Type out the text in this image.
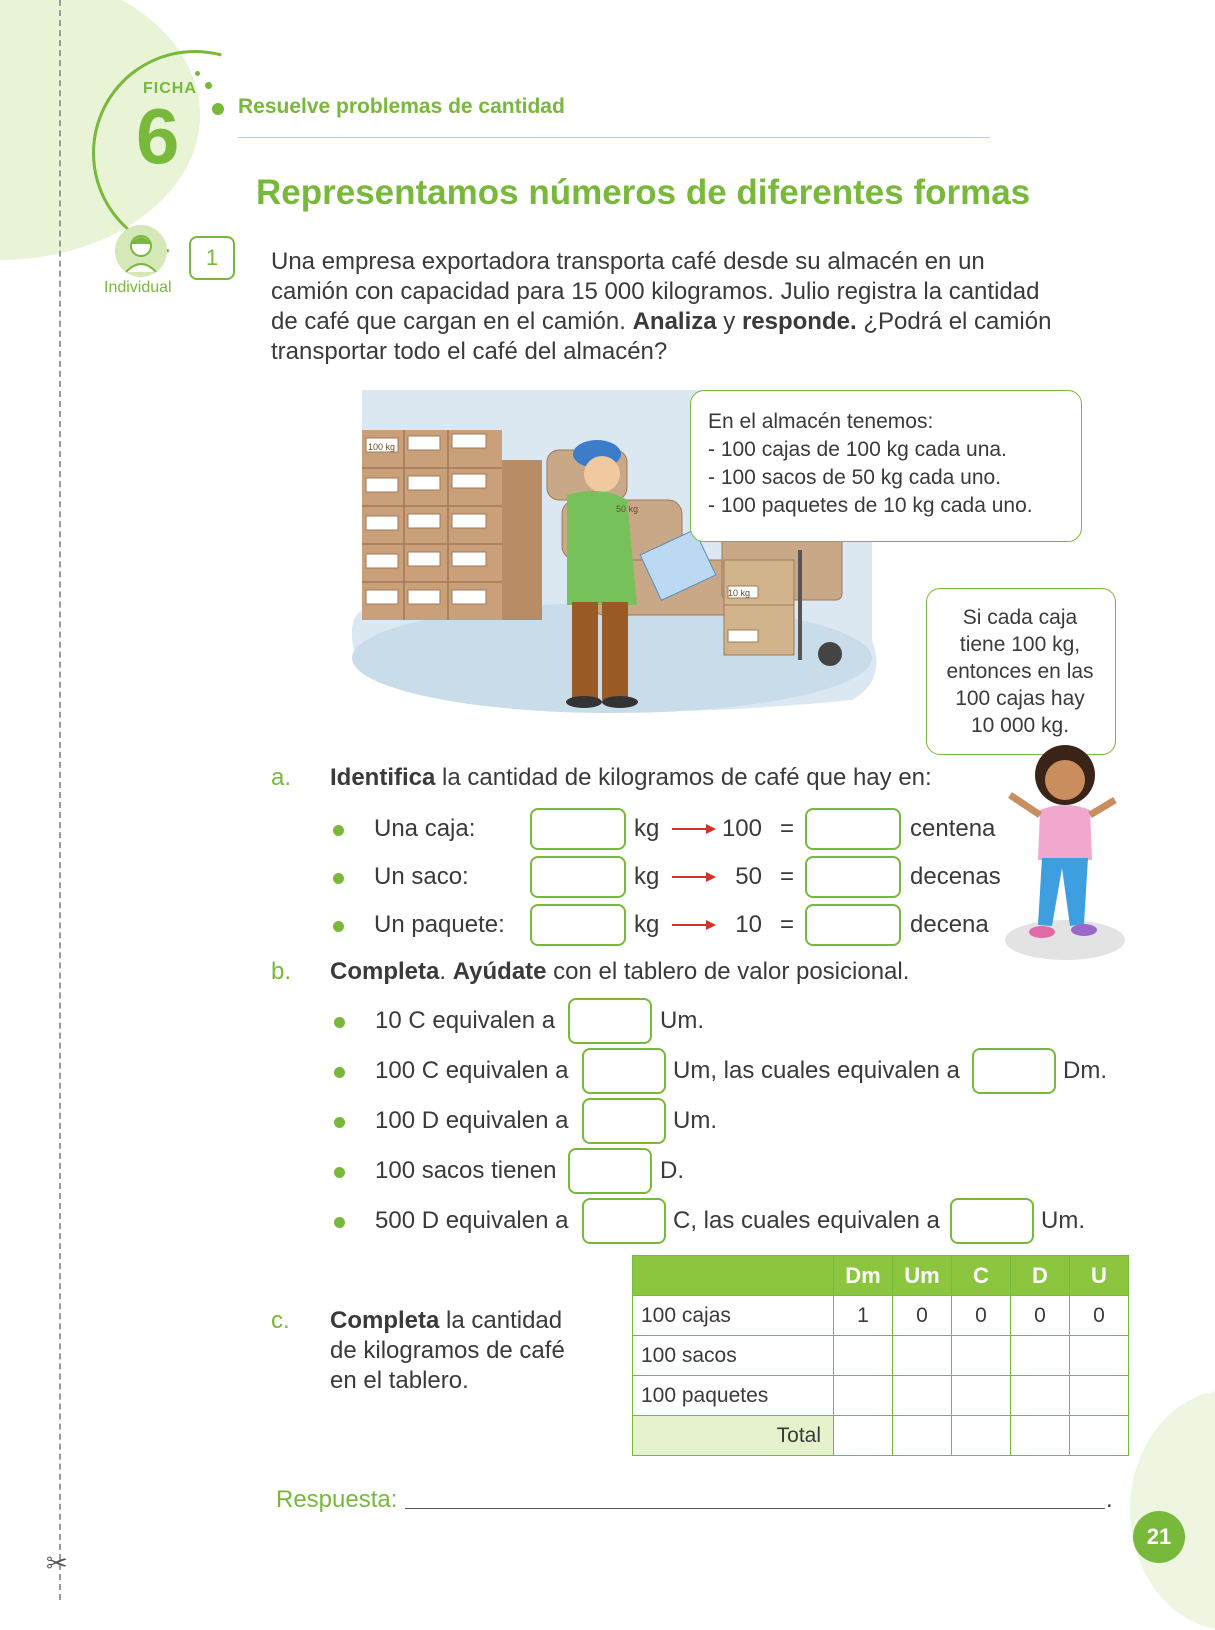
FICHA
6	Resuelve problemas de cantidad
Representamos números de diferentes formas
Individual
1	Una empresa exportadora transporta café desde su almacén en un
camión con capacidad para 15 000 kilogramos. Julio registra la cantidad
de café que cargan en el camión. Analiza y responde. ¿Podrá el camión
transportar todo el café del almacén?
100 kg
50 kg
10 kg
En el almacén tenemos:
- 100 cajas de 100 kg cada una.
- 100 sacos de 50 kg cada uno.
- 100 paquetes de 10 kg cada uno.
Si cada caja
tiene 100 kg,
entonces en las
100 cajas hay
10 000 kg.
a. Identifica la cantidad de kilogramos de café que hay en:
Una caja:	kg	100 =	centena
Un saco:	kg	50 =	decenas
Un paquete:	kg	10 =	decena
b. Completa. Ayúdate con el tablero de valor posicional.
10 C equivalen a	Um.
100 C equivalen a	Um, las cuales equivalen a	Dm.
100 D equivalen a	Um.
100 sacos tienen	D.
500 D equivalen a	C, las cuales equivalen a	Um.
c. Completa la cantidad
de kilogramos de café
en el tablero.
	Dm	Um	C	D	U
100 cajas	1	0	0	0	0
100 sacos					
100 paquetes					
Total					
Respuesta:	.
21
✂
